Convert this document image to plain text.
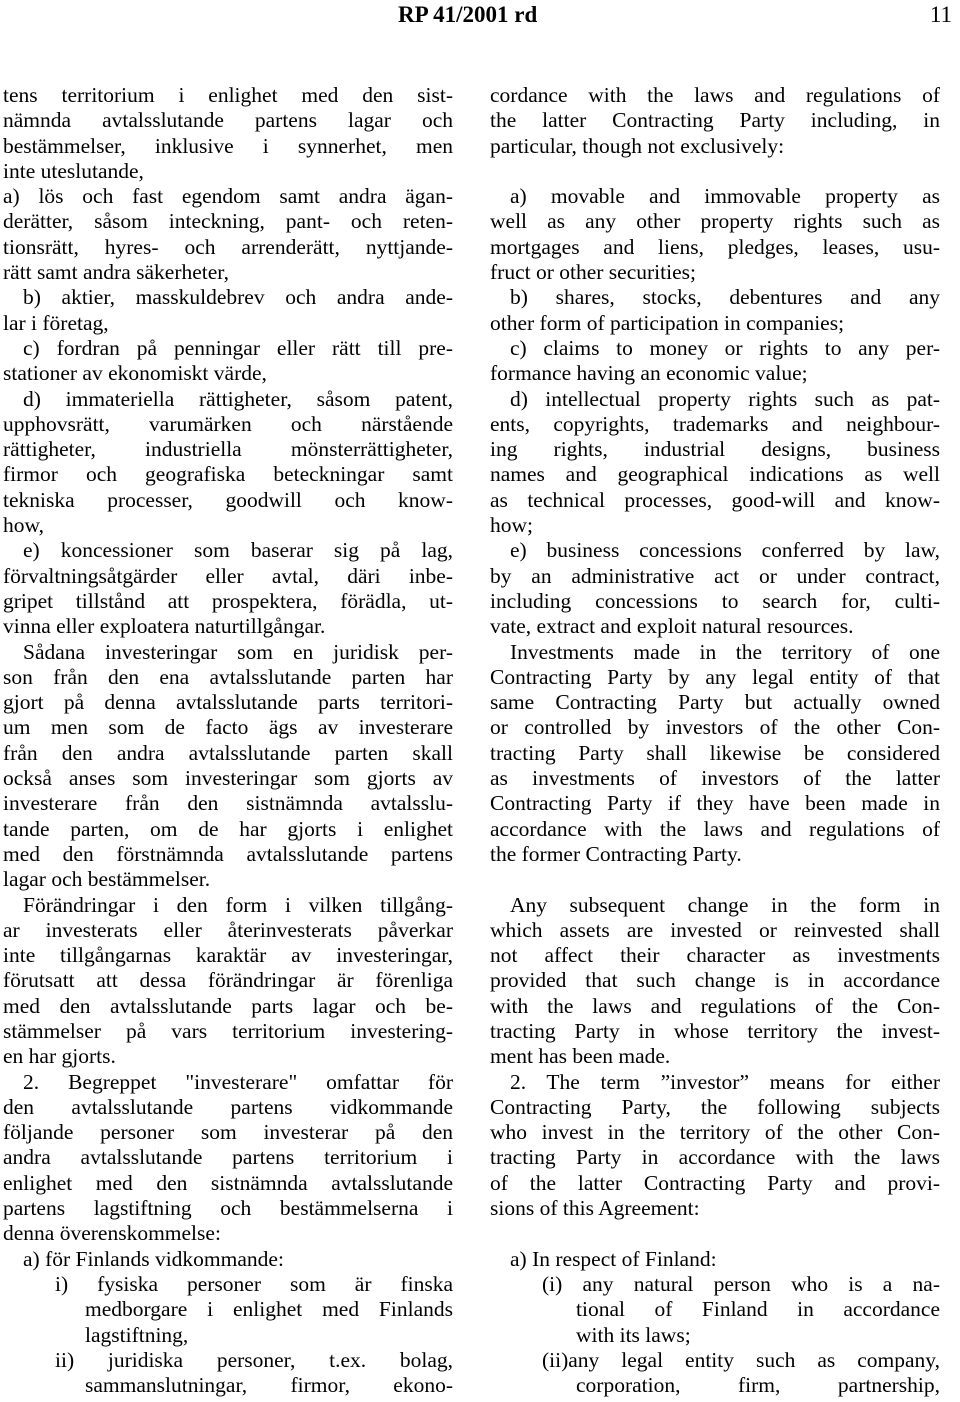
RP 41/2001 rd	11
tens territorium i enlighet med den sist-
nämnda avtalsslutande partens lagar och
bestämmelser, inklusive i synnerhet, men
inte uteslutande,
a) lös och fast egendom samt andra ägan-
derätter, såsom inteckning, pant- och reten-
tionsrätt, hyres- och arrenderätt, nyttjande-
rätt samt andra säkerheter,
b) aktier, masskuldebrev och andra ande-
lar i företag,
c) fordran på penningar eller rätt till pre-
stationer av ekonomiskt värde,
d) immateriella rättigheter, såsom patent,
upphovsrätt, varumärken och närstående
rättigheter, industriella mönsterrättigheter,
firmor och geografiska beteckningar samt
tekniska processer, goodwill och know-
how,
e) koncessioner som baserar sig på lag,
förvaltningsåtgärder eller avtal, däri inbe-
gripet tillstånd att prospektera, förädla, ut-
vinna eller exploatera naturtillgångar.
Sådana investeringar som en juridisk per-
son från den ena avtalsslutande parten har
gjort på denna avtalsslutande parts territori-
um men som de facto ägs av investerare
från den andra avtalsslutande parten skall
också anses som investeringar som gjorts av
investerare från den sistnämnda avtalsslu-
tande parten, om de har gjorts i enlighet
med den förstnämnda avtalsslutande partens
lagar och bestämmelser.
Förändringar i den form i vilken tillgång-
ar investerats eller återinvesterats påverkar
inte tillgångarnas karaktär av investeringar,
förutsatt att dessa förändringar är förenliga
med den avtalsslutande parts lagar och be-
stämmelser på vars territorium investering-
en har gjorts.
2. Begreppet "investerare" omfattar för
den avtalsslutande partens vidkommande
följande personer som investerar på den
andra avtalsslutande partens territorium i
enlighet med den sistnämnda avtalsslutande
partens lagstiftning och bestämmelserna i
denna överenskommelse:
a) för Finlands vidkommande:
i) fysiska personer som är finska
medborgare i enlighet med Finlands
lagstiftning,
ii) juridiska personer, t.ex. bolag,
sammanslutningar, firmor, ekono-
cordance with the laws and regulations of
the latter Contracting Party including, in
particular, though not exclusively:
a) movable and immovable property as
well as any other property rights such as
mortgages and liens, pledges, leases, usu-
fruct or other securities;
b) shares, stocks, debentures and any
other form of participation in companies;
c) claims to money or rights to any per-
formance having an economic value;
d) intellectual property rights such as pat-
ents, copyrights, trademarks and neighbour-
ing rights, industrial designs, business
names and geographical indications as well
as technical processes, good-will and know-
how;
e) business concessions conferred by law,
by an administrative act or under contract,
including concessions to search for, culti-
vate, extract and exploit natural resources.
Investments made in the territory of one
Contracting Party by any legal entity of that
same Contracting Party but actually owned
or controlled by investors of the other Con-
tracting Party shall likewise be considered
as investments of investors of the latter
Contracting Party if they have been made in
accordance with the laws and regulations of
the former Contracting Party.
Any subsequent change in the form in
which assets are invested or reinvested shall
not affect their character as investments
provided that such change is in accordance
with the laws and regulations of the Con-
tracting Party in whose territory the invest-
ment has been made.
2. The term ”investor” means for either
Contracting Party, the following subjects
who invest in the territory of the other Con-
tracting Party in accordance with the laws
of the latter Contracting Party and provi-
sions of this Agreement:
a) In respect of Finland:
(i) any natural person who is a na-
tional of Finland in accordance
with its laws;
(ii)any legal entity such as company,
corporation, firm, partnership,
